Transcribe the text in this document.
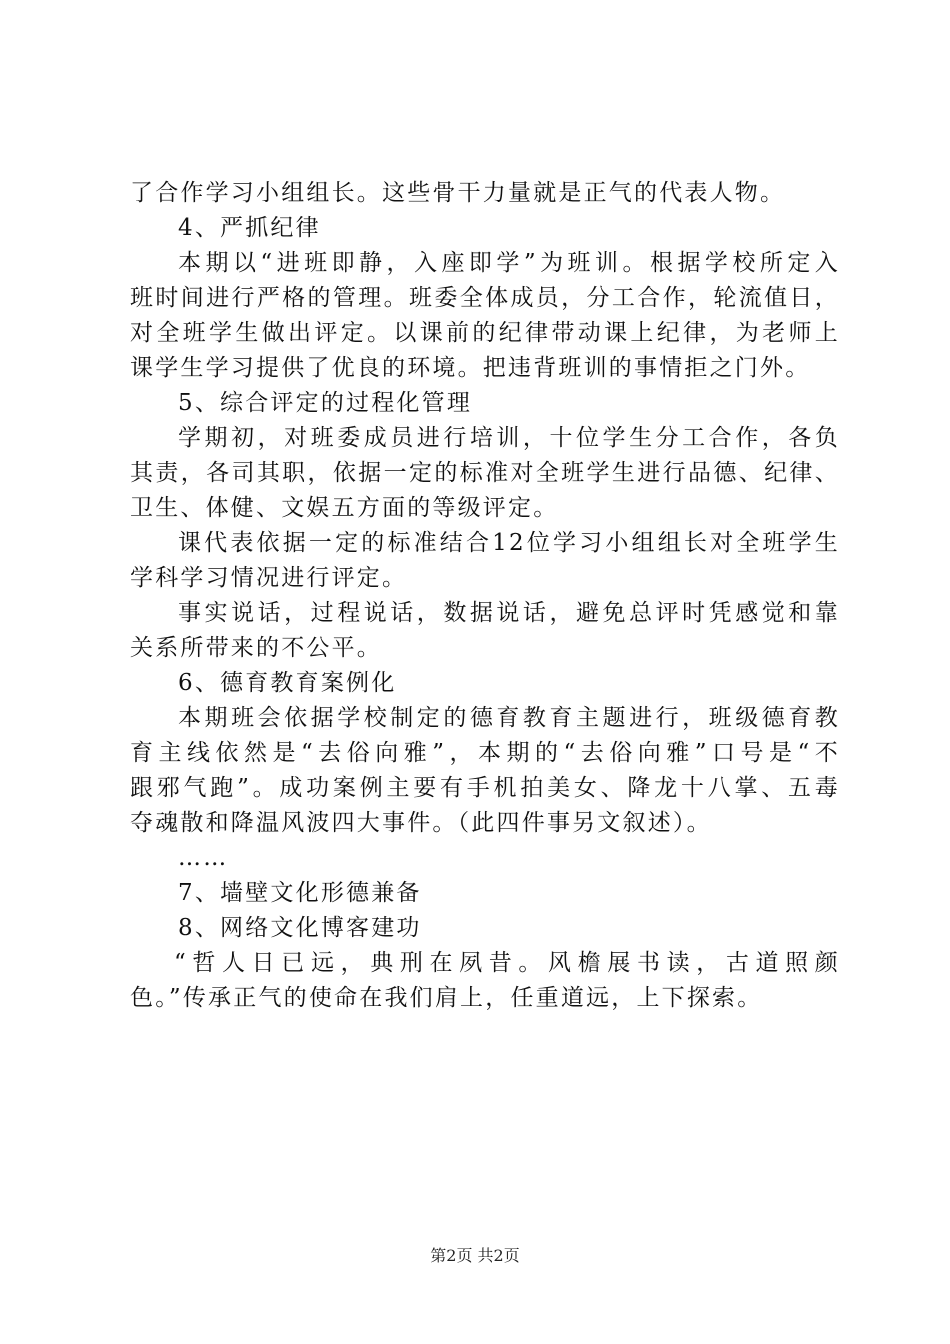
了合作学习小组组长。这些骨干力量就是正气的代表人物。
4、严抓纪律
本期以“进班即静，入座即学”为班训。根据学校所定入
班时间进行严格的管理。班委全体成员，分工合作，轮流值日，
对全班学生做出评定。以课前的纪律带动课上纪律，为老师上
课学生学习提供了优良的环境。把违背班训的事情拒之门外。
5、综合评定的过程化管理
学期初，对班委成员进行培训，十位学生分工合作，各负
其责，各司其职，依据一定的标准对全班学生进行品德、纪律、
卫生、体健、文娱五方面的等级评定。
课代表依据一定的标准结合12位学习小组组长对全班学生
学科学习情况进行评定。
事实说话，过程说话，数据说话，避免总评时凭感觉和靠
关系所带来的不公平。
6、德育教育案例化
本期班会依据学校制定的德育教育主题进行，班级德育教
育主线依然是“去俗向雅”，本期的“去俗向雅”口号是“不
跟邪气跑”。成功案例主要有手机拍美女、降龙十八掌、五毒
夺魂散和降温风波四大事件。（此四件事另文叙述）。
……
7、墙壁文化形德兼备
8、网络文化博客建功
“哲人日已远，典刑在夙昔。风檐展书读，古道照颜
色。”传承正气的使命在我们肩上，任重道远，上下探索。
第2页 共2页
